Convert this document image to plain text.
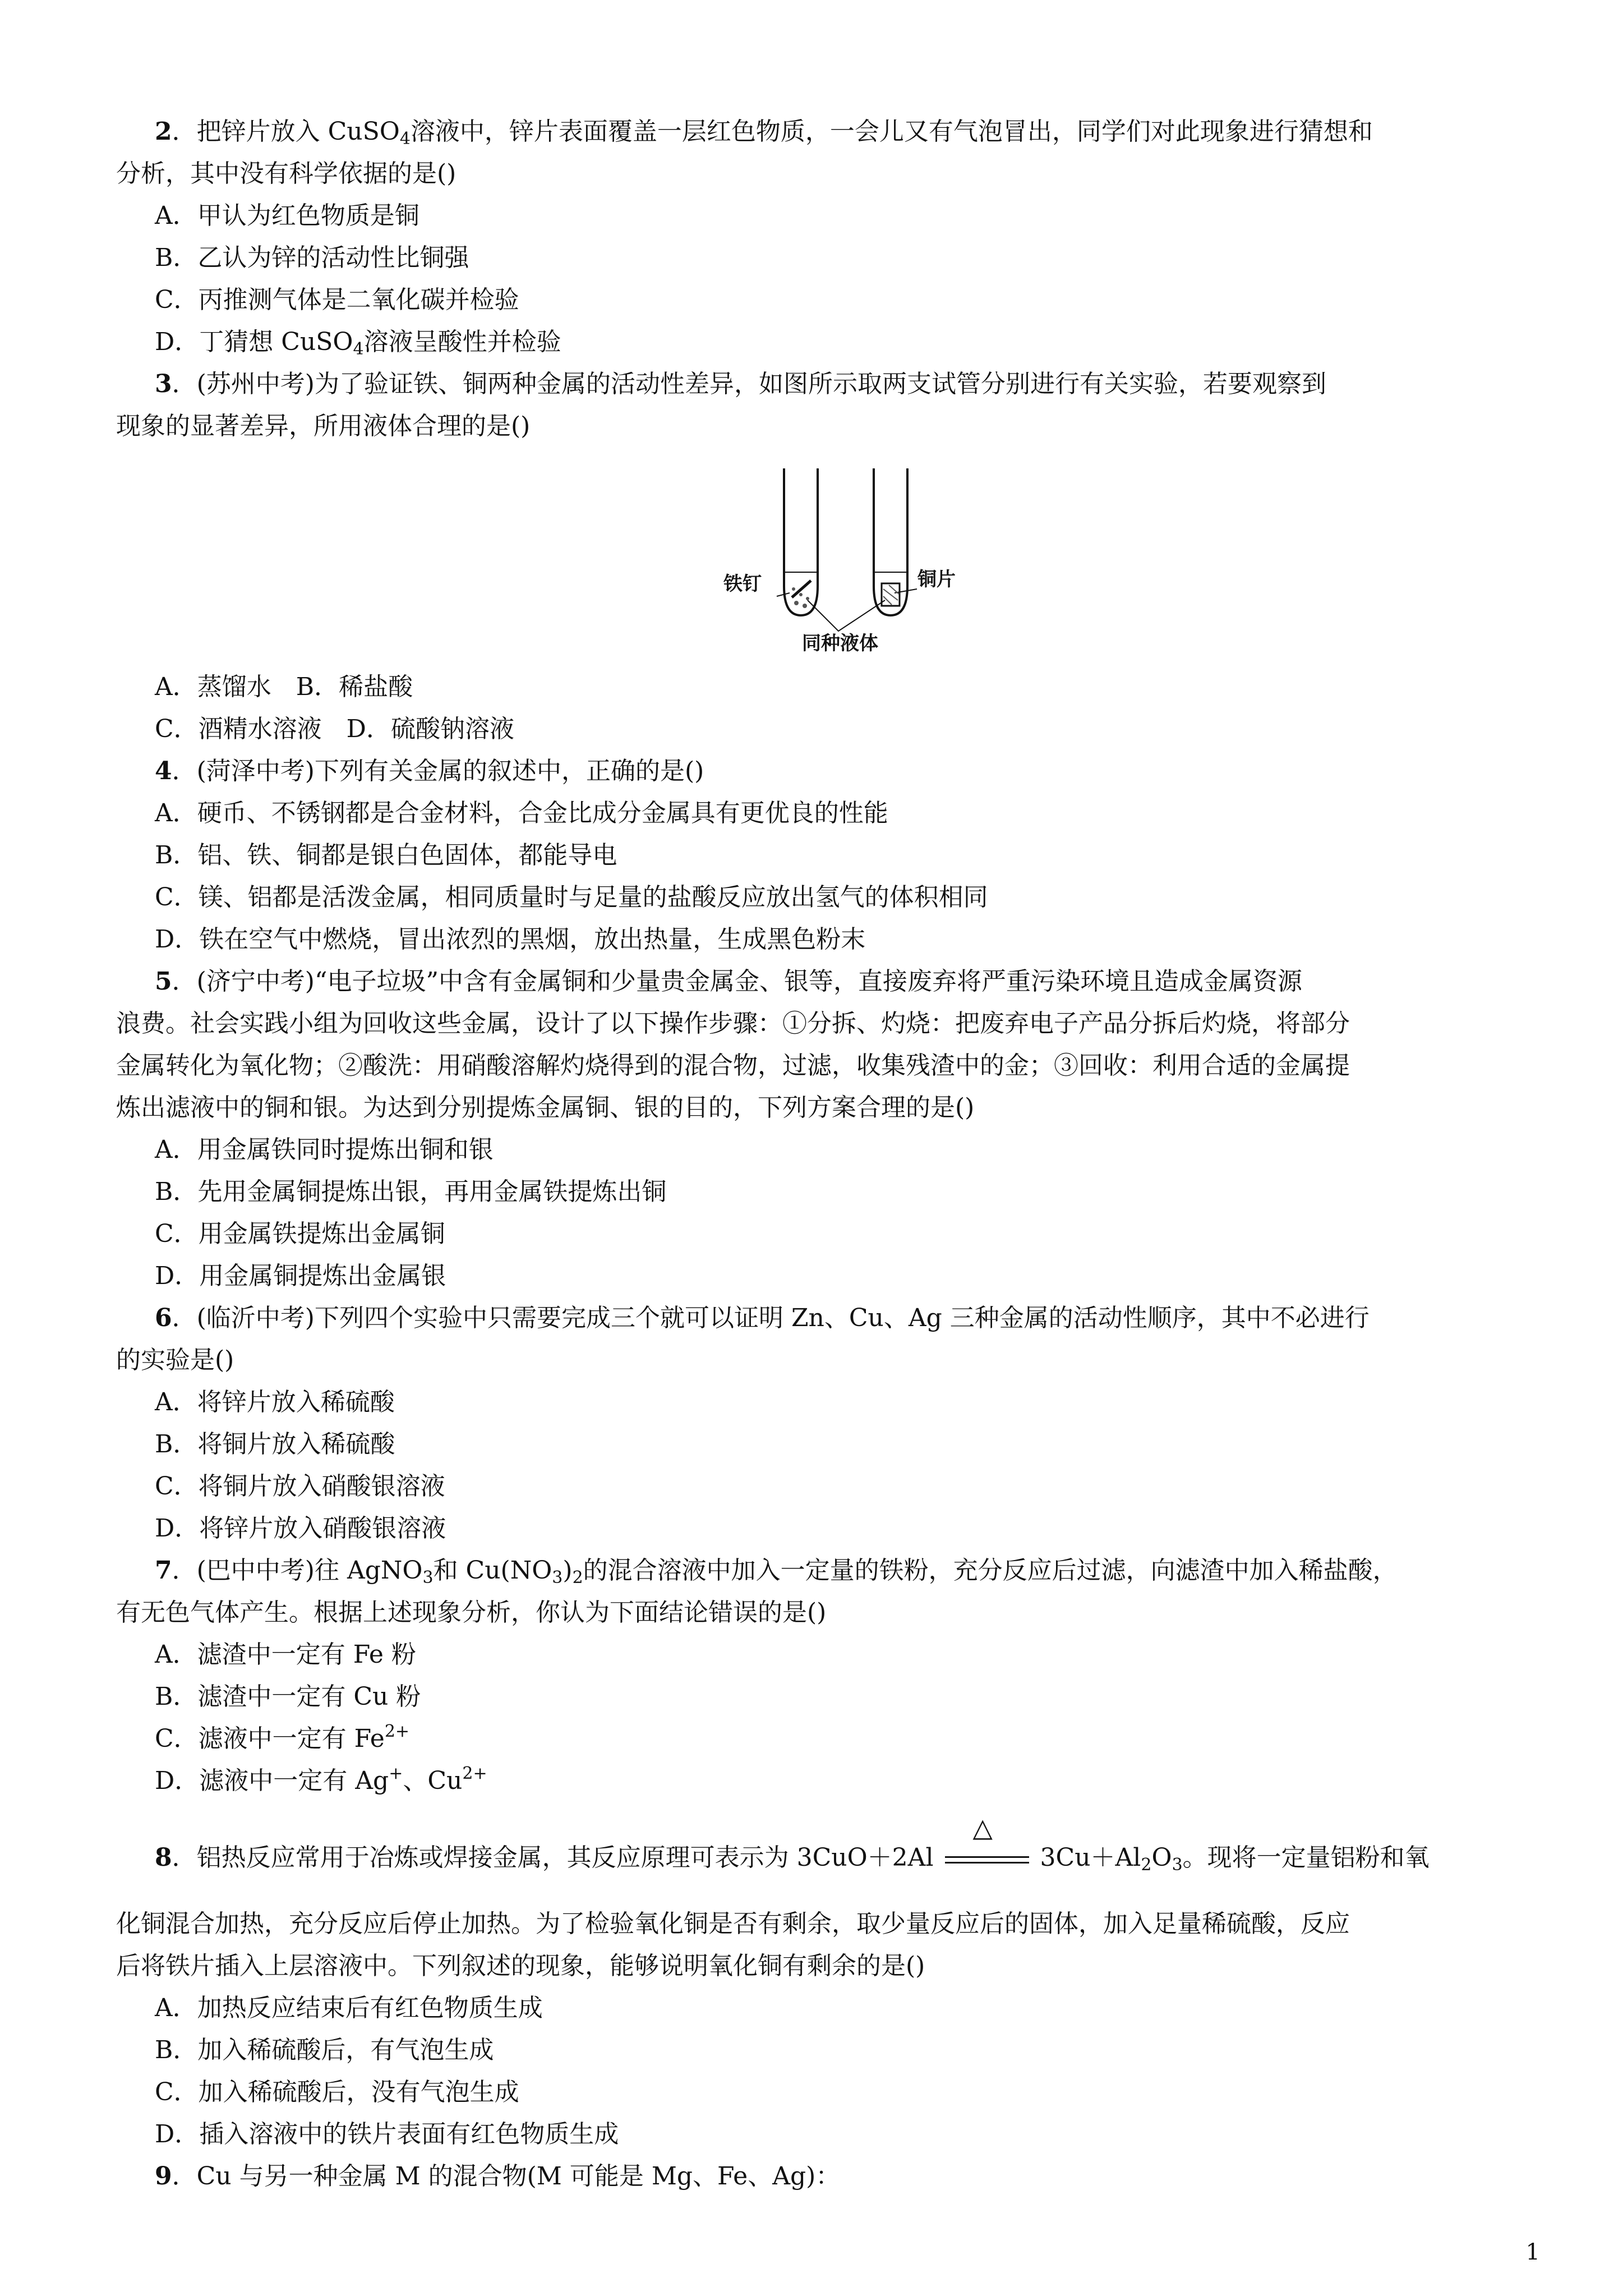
2．把锌片放入 CuSO$_4$溶液中，锌片表面覆盖一层红色物质，一会儿又有气泡冒出，同学们对此现象进行猜想和
分析，其中没有科学依据的是()
A．甲认为红色物质是铜
B．乙认为锌的活动性比铜强
C．丙推测气体是二氧化碳并检验
D．丁猜想 CuSO$_4$溶液呈酸性并检验
3．(苏州中考)为了验证铁、铜两种金属的活动性差异，如图所示取两支试管分别进行有关实验，若要观察到
现象的显著差异，所用液体合理的是()
铁钉	铜片
同种液体
A．蒸馏水　B．稀盐酸
C．酒精水溶液　D．硫酸钠溶液
4．(菏泽中考)下列有关金属的叙述中，正确的是()
A．硬币、不锈钢都是合金材料，合金比成分金属具有更优良的性能
B．铝、铁、铜都是银白色固体，都能导电
C．镁、铝都是活泼金属，相同质量时与足量的盐酸反应放出氢气的体积相同
D．铁在空气中燃烧，冒出浓烈的黑烟，放出热量，生成黑色粉末
5．(济宁中考)“电子垃圾”中含有金属铜和少量贵金属金、银等，直接废弃将严重污染环境且造成金属资源
浪费。社会实践小组为回收这些金属，设计了以下操作步骤：①分拆、灼烧：把废弃电子产品分拆后灼烧，将部分
金属转化为氧化物；②酸洗：用硝酸溶解灼烧得到的混合物，过滤，收集残渣中的金；③回收：利用合适的金属提
炼出滤液中的铜和银。为达到分别提炼金属铜、银的目的，下列方案合理的是()
A．用金属铁同时提炼出铜和银
B．先用金属铜提炼出银，再用金属铁提炼出铜
C．用金属铁提炼出金属铜
D．用金属铜提炼出金属银
6．(临沂中考)下列四个实验中只需要完成三个就可以证明 Zn、Cu、Ag 三种金属的活动性顺序，其中不必进行
的实验是()
A．将锌片放入稀硫酸
B．将铜片放入稀硫酸
C．将铜片放入硝酸银溶液
D．将锌片放入硝酸银溶液
7．(巴中中考)往 AgNO$_3$和 $Cu(NO_3)_2$的混合溶液中加入一定量的铁粉，充分反应后过滤，向滤渣中加入稀盐酸，
有无色气体产生。根据上述现象分析，你认为下面结论错误的是()
A．滤渣中一定有 Fe 粉
B．滤渣中一定有 Cu 粉
C．滤液中一定有 $Fe^{2+}$
D．滤液中一定有 Ag+、$Cu^{2+}$
8．铝热反应常用于冶炼或焊接金属，其反应原理可表示为 3CuO＋2Al
△
$3Cu+Al_2O_3$。现将一定量铝粉和氧
化铜混合加热，充分反应后停止加热。为了检验氧化铜是否有剩余，取少量反应后的固体，加入足量稀硫酸，反应
后将铁片插入上层溶液中。下列叙述的现象，能够说明氧化铜有剩余的是()
A．加热反应结束后有红色物质生成
B．加入稀硫酸后，有气泡生成
C．加入稀硫酸后，没有气泡生成
D．插入溶液中的铁片表面有红色物质生成
9．Cu 与另一种金属 M 的混合物(M 可能是 Mg、Fe、Ag)：
1
